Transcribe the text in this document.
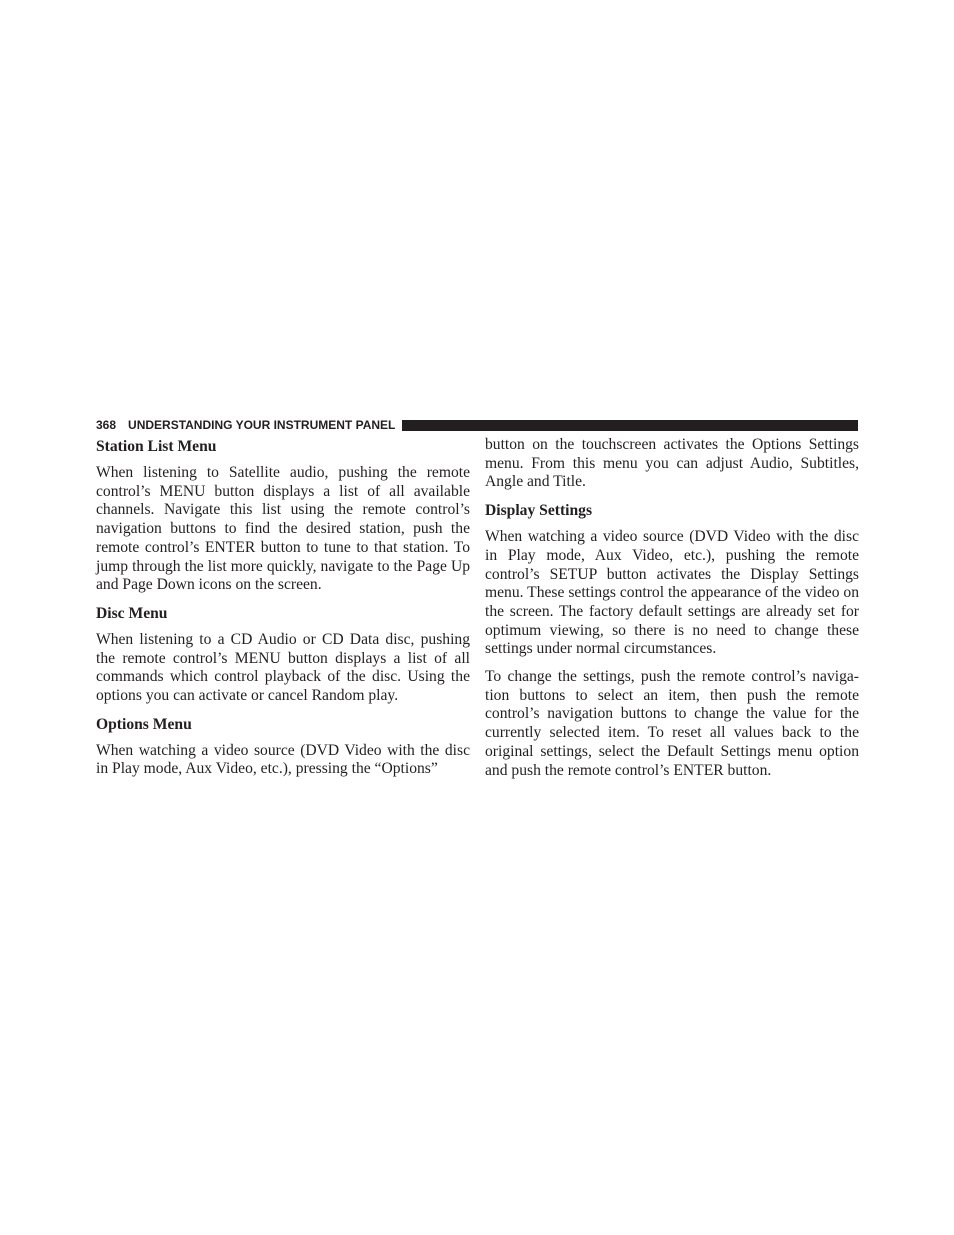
368 UNDERSTANDING YOUR INSTRUMENT PANEL
Station List Menu

When listening to Satellite audio, pushing the remote control’s MENU button displays a list of all available channels. Navigate this list using the remote control’s navigation buttons to find the desired station, push the remote control’s ENTER button to tune to that station. To jump through the list more quickly, navigate to the Page Up and Page Down icons on the screen.

Disc Menu

When listening to a CD Audio or CD Data disc, pushing the remote control’s MENU button displays a list of all commands which control playback of the disc. Using the options you can activate or cancel Random play.

Options Menu

When watching a video source (DVD Video with the disc in Play mode, Aux Video, etc.), pressing the “Options”

button on the touchscreen activates the Options Settings menu. From this menu you can adjust Audio, Subtitles, Angle and Title.

Display Settings

When watching a video source (DVD Video with the disc in Play mode, Aux Video, etc.), pushing the remote control’s SETUP button activates the Display Settings menu. These settings control the appearance of the video on the screen. The factory default settings are already set for optimum viewing, so there is no need to change these settings under normal circumstances.

To change the settings, push the remote control’s naviga-tion buttons to select an item, then push the remote control’s navigation buttons to change the value for the currently selected item. To reset all values back to the original settings, select the Default Settings menu option and push the remote control’s ENTER button.
